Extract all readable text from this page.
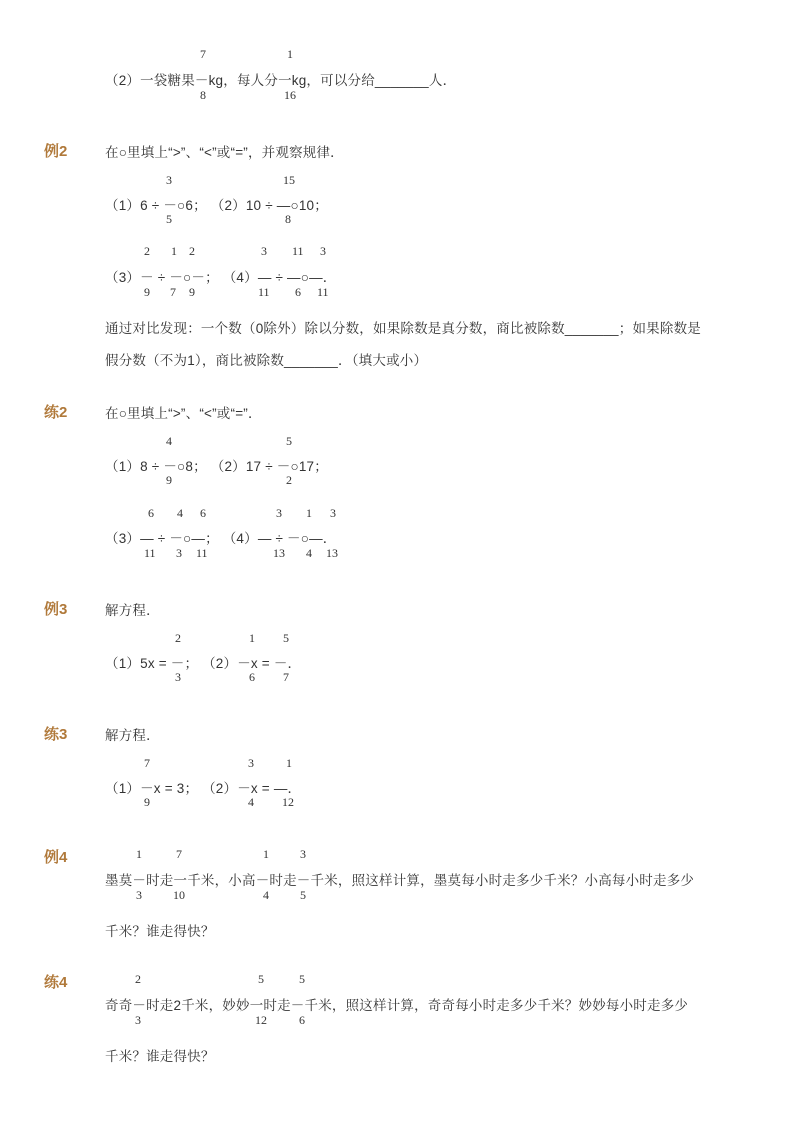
7	1
（2）一袋糖果－kg，每人分一kg，可以分给_______人．
8	16
例2	在○里填上“>”、“<”或“=”，并观察规律．
3	15
（1）6 ÷ －○6； （2）10 ÷ —○10；
5	8
2 1 2	3 11 3
（3）－ ÷ －○－； （4）— ÷ —○—．
9 7 9	11 6 11
通过对比发现：一个数（0除外）除以分数，如果除数是真分数，商比被除数_______；如果除数是
假分数（不为1），商比被除数_______．（填大或小）
练2	在○里填上“>”、“<”或“=”．
4	5
（1）8 ÷ －○8； （2）17 ÷ －○17；
9	2
6 4 6	3 1 3
（3）— ÷ －○—； （4）— ÷ －○—．
11 3 11	13 4 13
例3	解方程．
2	1 5
（1）5x = －； （2）－x = －．
3	6 7
练3	解方程．
7	3	1
（1）－x = 3； （2）－x = —．
9	4 12
例4	1	7	1	3
墨莫－时走一千米，小高－时走－千米，照这样计算，墨莫每小时走多少千米？小高每小时走多少
3	10	4	5
千米？谁走得快？
练4	2	5	5
奇奇－时走2千米，妙妙一时走－千米，照这样计算，奇奇每小时走多少千米？妙妙每小时走多少
3	12	6
千米？谁走得快？
